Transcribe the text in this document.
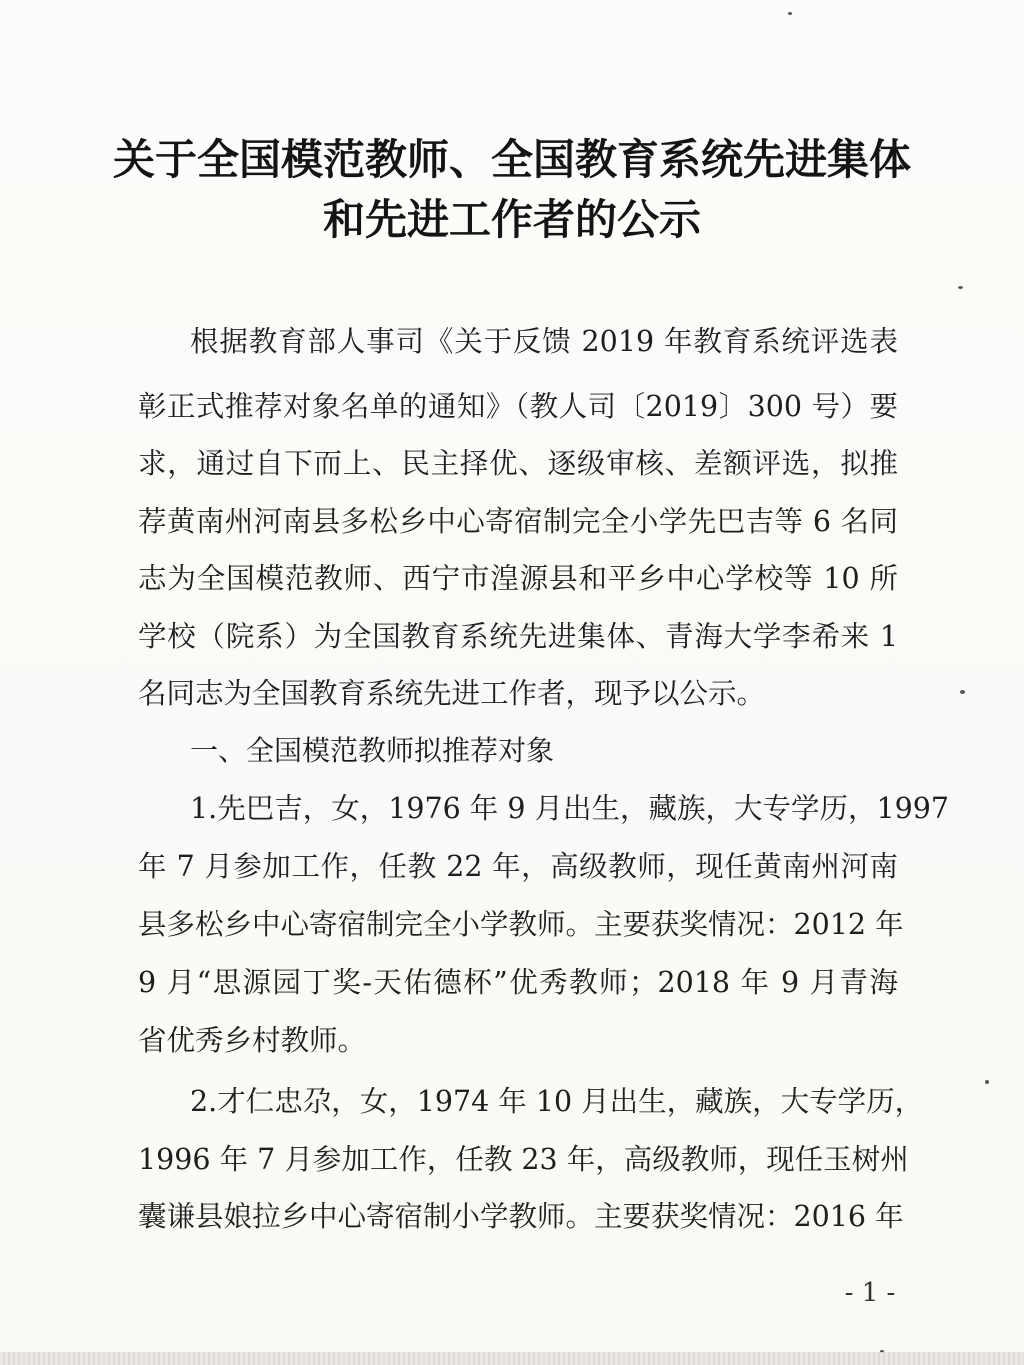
关于全国模范教师、全国教育系统先进集体
和先进工作者的公示
根据教育部人事司《关于反馈 2019 年教育系统评选表
彰正式推荐对象名单的通知》（教人司〔2019〕300 号）要
求，通过自下而上、民主择优、逐级审核、差额评选，拟推
荐黄南州河南县多松乡中心寄宿制完全小学先巴吉等 6 名同
志为全国模范教师、西宁市湟源县和平乡中心学校等 10 所
学校（院系）为全国教育系统先进集体、青海大学李希来 1
名同志为全国教育系统先进工作者，现予以公示。
一、全国模范教师拟推荐对象
1.先巴吉，女，1976 年 9 月出生，藏族，大专学历，1997
年 7 月参加工作，任教 22 年，高级教师，现任黄南州河南
县多松乡中心寄宿制完全小学教师。主要获奖情况：2012 年
9 月“思源园丁奖-天佑德杯”优秀教师；2018 年 9 月青海
省优秀乡村教师。
2.才仁忠尕，女，1974 年 10 月出生，藏族，大专学历，
1996 年 7 月参加工作，任教 23 年，高级教师，现任玉树州
囊谦县娘拉乡中心寄宿制小学教师。主要获奖情况：2016 年
- 1 -
